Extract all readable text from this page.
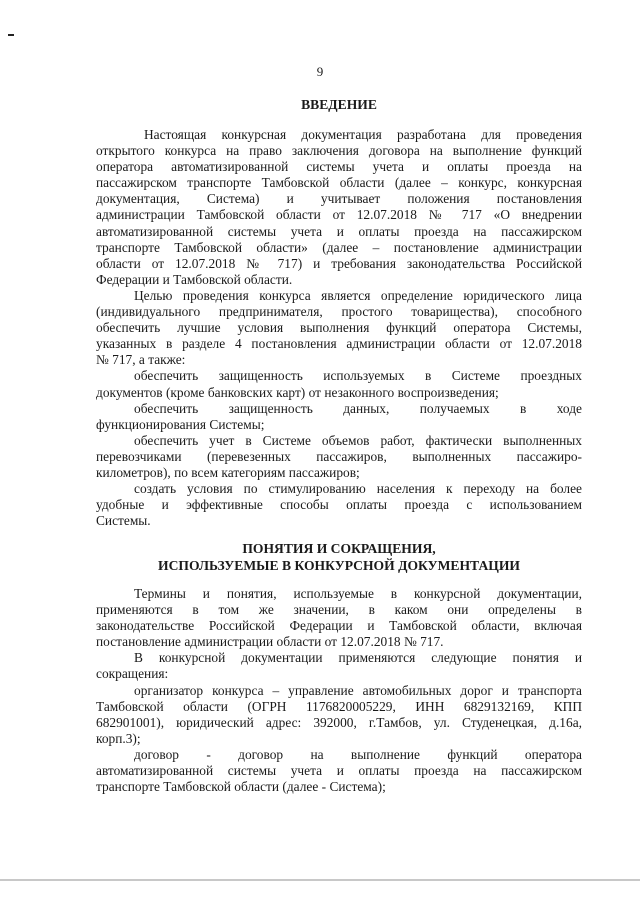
9
ВВЕДЕНИЕ

Настоящая конкурсная документация разработана для проведения
открытого конкурса на право заключения договора на выполнение функций
оператора автоматизированной системы учета и оплаты проезда на
пассажирском транспорте Тамбовской области (далее – конкурс, конкурсная
документация, Система) и учитывает положения постановления
администрации Тамбовской области от 12.07.2018 № 717 «О внедрении
автоматизированной системы учета и оплаты проезда на пассажирском
транспорте Тамбовской области» (далее – постановление администрации
области от 12.07.2018 № 717) и требования законодательства Российской
Федерации и Тамбовской области.

Целью проведения конкурса является определение юридического лица
(индивидуального предпринимателя, простого товарищества), способного
обеспечить лучшие условия выполнения функций оператора Системы,
указанных в разделе 4 постановления администрации области от 12.07.2018
№ 717, а также:

обеспечить защищенность используемых в Системе проездных
документов (кроме банковских карт) от незаконного воспроизведения;

обеспечить защищенность данных, получаемых в ходе
функционирования Системы;

обеспечить учет в Системе объемов работ, фактически выполненных
перевозчиками (перевезенных пассажиров, выполненных пассажиро-
километров), по всем категориям пассажиров;

создать условия по стимулированию населения к переходу на более
удобные и эффективные способы оплаты проезда с использованием
Системы.

ПОНЯТИЯ И СОКРАЩЕНИЯ,
ИСПОЛЬЗУЕМЫЕ В КОНКУРСНОЙ ДОКУМЕНТАЦИИ

Термины и понятия, используемые в конкурсной документации,
применяются в том же значении, в каком они определены в
законодательстве Российской Федерации и Тамбовской области, включая
постановление администрации области от 12.07.2018 № 717.

В конкурсной документации применяются следующие понятия и
сокращения:

организатор конкурса – управление автомобильных дорог и транспорта
Тамбовской области (ОГРН 1176820005229, ИНН 6829132169, КПП
682901001), юридический адрес: 392000, г.Тамбов, ул. Студенецкая, д.16а,
корп.3);

договор - договор на выполнение функций оператора
автоматизированной системы учета и оплаты проезда на пассажирском
транспорте Тамбовской области (далее - Система);
